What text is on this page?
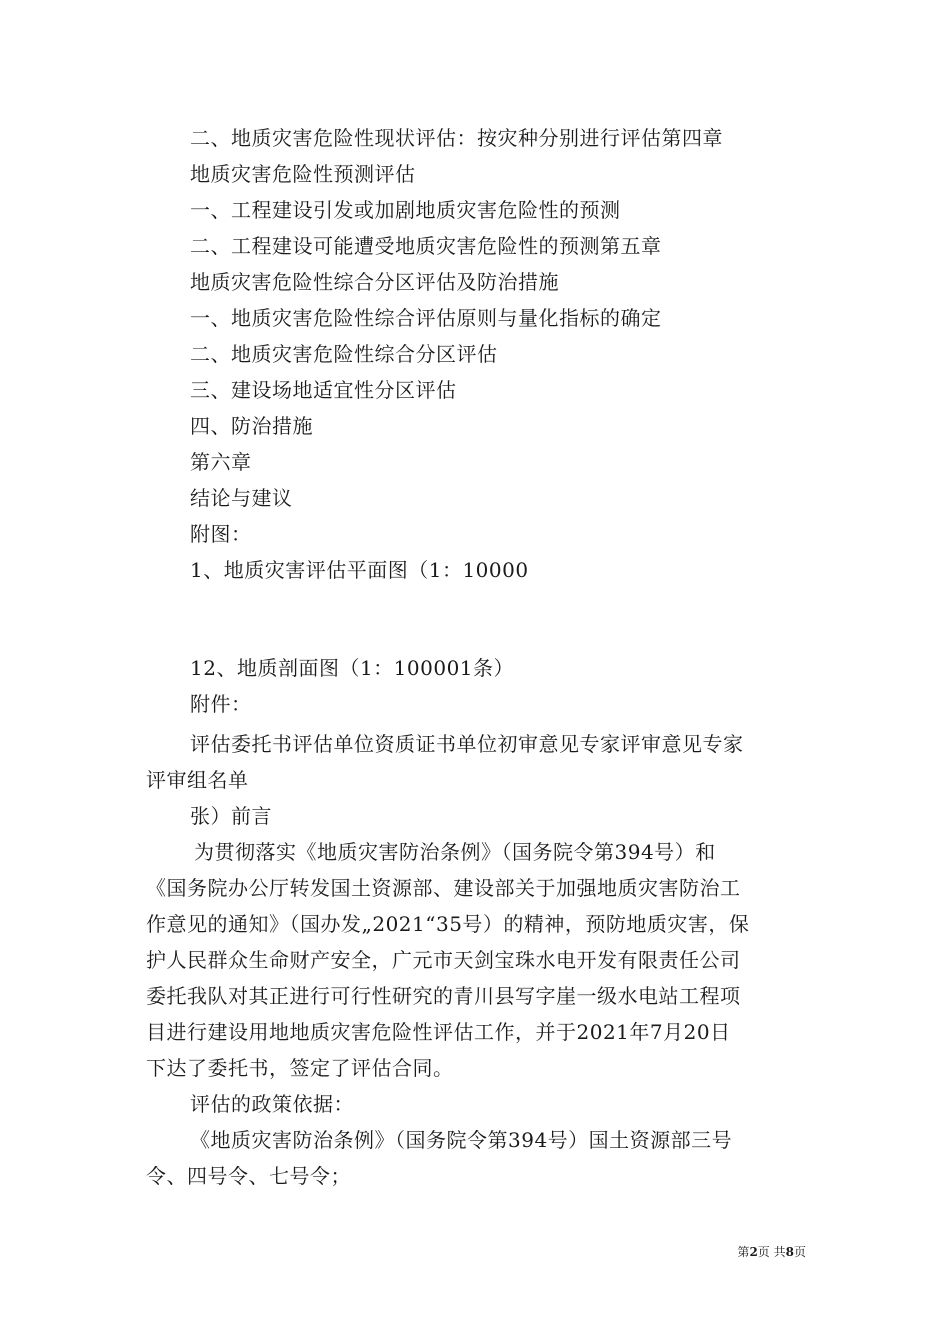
二、地质灾害危险性现状评估：按灾种分别进行评估第四章
地质灾害危险性预测评估
一、工程建设引发或加剧地质灾害危险性的预测
二、工程建设可能遭受地质灾害危险性的预测第五章
地质灾害危险性综合分区评估及防治措施
一、地质灾害危险性综合评估原则与量化指标的确定
二、地质灾害危险性综合分区评估
三、建设场地适宜性分区评估
四、防治措施
第六章
结论与建议
附图：
1、地质灾害评估平面图（1：10000
12、地质剖面图（1：100001条）
附件：
评估委托书评估单位资质证书单位初审意见专家评审意见专家
评审组名单
张）前言
为贯彻落实《地质灾害防治条例》（国务院令第394号）和
《国务院办公厅转发国土资源部、建设部关于加强地质灾害防治工
作意见的通知》（国办发„2021“35号）的精神，预防地质灾害，保
护人民群众生命财产安全，广元市天剑宝珠水电开发有限责任公司
委托我队对其正进行可行性研究的青川县写字崖一级水电站工程项
目进行建设用地地质灾害危险性评估工作，并于2021年7月20日
下达了委托书，签定了评估合同。
评估的政策依据：
《地质灾害防治条例》（国务院令第394号）国土资源部三号
令、四号令、七号令；
第2页 共8页
